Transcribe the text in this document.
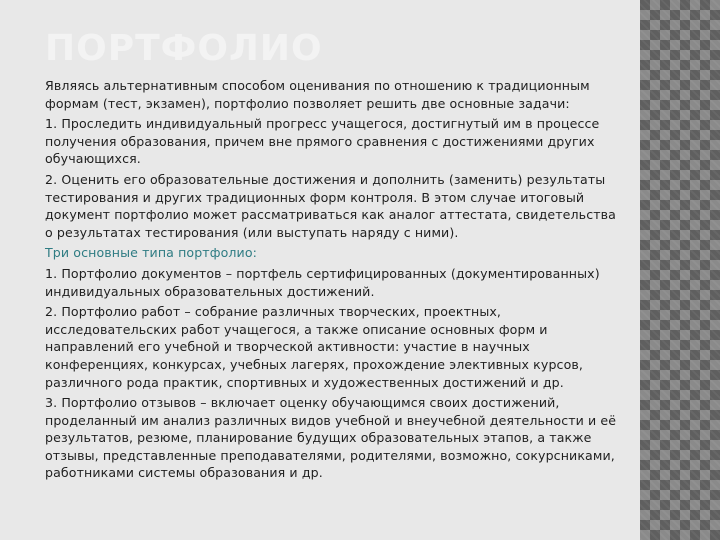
ПОРТФОЛИО

Являясь альтернативным способом оценивания по отношению к традиционным формам (тест, экзамен), портфолио позволяет решить две основные задачи:

1. Проследить индивидуальный прогресс учащегося, достигнутый им в процессе получения образования, причем вне прямого сравнения с достижениями других обучающихся.

2. Оценить его образовательные достижения и дополнить (заменить) результаты тестирования и других традиционных форм контроля. В этом случае итоговый документ портфолио может рассматриваться как аналог аттестата, свидетельства о результатах тестирования (или выступать наряду с ними).

Три основные типа портфолио:

1. Портфолио документов – портфель сертифицированных (документированных) индивидуальных образовательных достижений.

2. Портфолио работ – собрание различных творческих, проектных, исследовательских работ учащегося, а также описание основных форм и направлений его учебной и творческой активности: участие в научных конференциях, конкурсах, учебных лагерях, прохождение элективных курсов, различного рода практик, спортивных и художественных достижений и др.

3. Портфолио отзывов – включает оценку обучающимся своих достижений, проделанный им анализ различных видов учебной и внеучебной деятельности и её результатов, резюме, планирование будущих образовательных этапов, а также отзывы, представленные преподавателями, родителями, возможно, сокурсниками, работниками системы образования и др.
